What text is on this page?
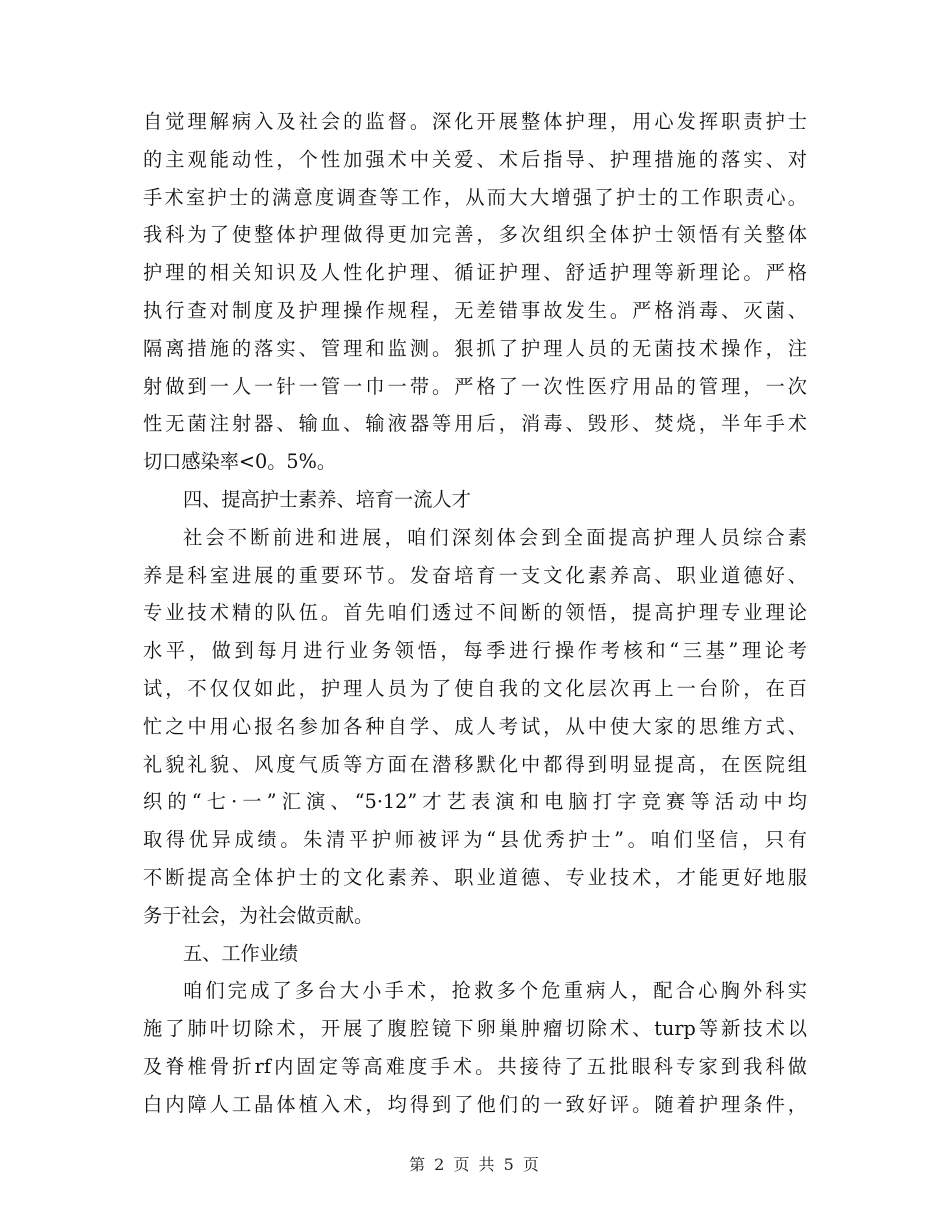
自觉理解病入及社会的监督。深化开展整体护理，用心发挥职责护士
的主观能动性，个性加强术中关爱、术后指导、护理措施的落实、对
手术室护士的满意度调查等工作，从而大大增强了护士的工作职责心。
我科为了使整体护理做得更加完善，多次组织全体护士领悟有关整体
护理的相关知识及人性化护理、循证护理、舒适护理等新理论。严格
执行查对制度及护理操作规程，无差错事故发生。严格消毒、灭菌、
隔离措施的落实、管理和监测。狠抓了护理人员的无菌技术操作，注
射做到一人一针一管一巾一带。严格了一次性医疗用品的管理，一次
性无菌注射器、输血、输液器等用后，消毒、毁形、焚烧，半年手术
切口感染率<0。5%。
四、提高护士素养、培育一流人才
社会不断前进和进展，咱们深刻体会到全面提高护理人员综合素
养是科室进展的重要环节。发奋培育一支文化素养高、职业道德好、
专业技术精的队伍。首先咱们透过不间断的领悟，提高护理专业理论
水平，做到每月进行业务领悟，每季进行操作考核和“三基”理论考
试，不仅仅如此，护理人员为了使自我的文化层次再上一台阶，在百
忙之中用心报名参加各种自学、成人考试，从中使大家的思维方式、
礼貌礼貌、风度气质等方面在潜移默化中都得到明显提高，在医院组
织的“七·一”汇演、“5·12”才艺表演和电脑打字竞赛等活动中均
取得优异成绩。朱清平护师被评为“县优秀护士”。咱们坚信，只有
不断提高全体护士的文化素养、职业道德、专业技术，才能更好地服
务于社会，为社会做贡献。
五、工作业绩
咱们完成了多台大小手术，抢救多个危重病人，配合心胸外科实
施了肺叶切除术，开展了腹腔镜下卵巢肿瘤切除术、turp等新技术以
及脊椎骨折rf内固定等高难度手术。共接待了五批眼科专家到我科做
白内障人工晶体植入术，均得到了他们的一致好评。随着护理条件，
第 2 页 共 5 页
